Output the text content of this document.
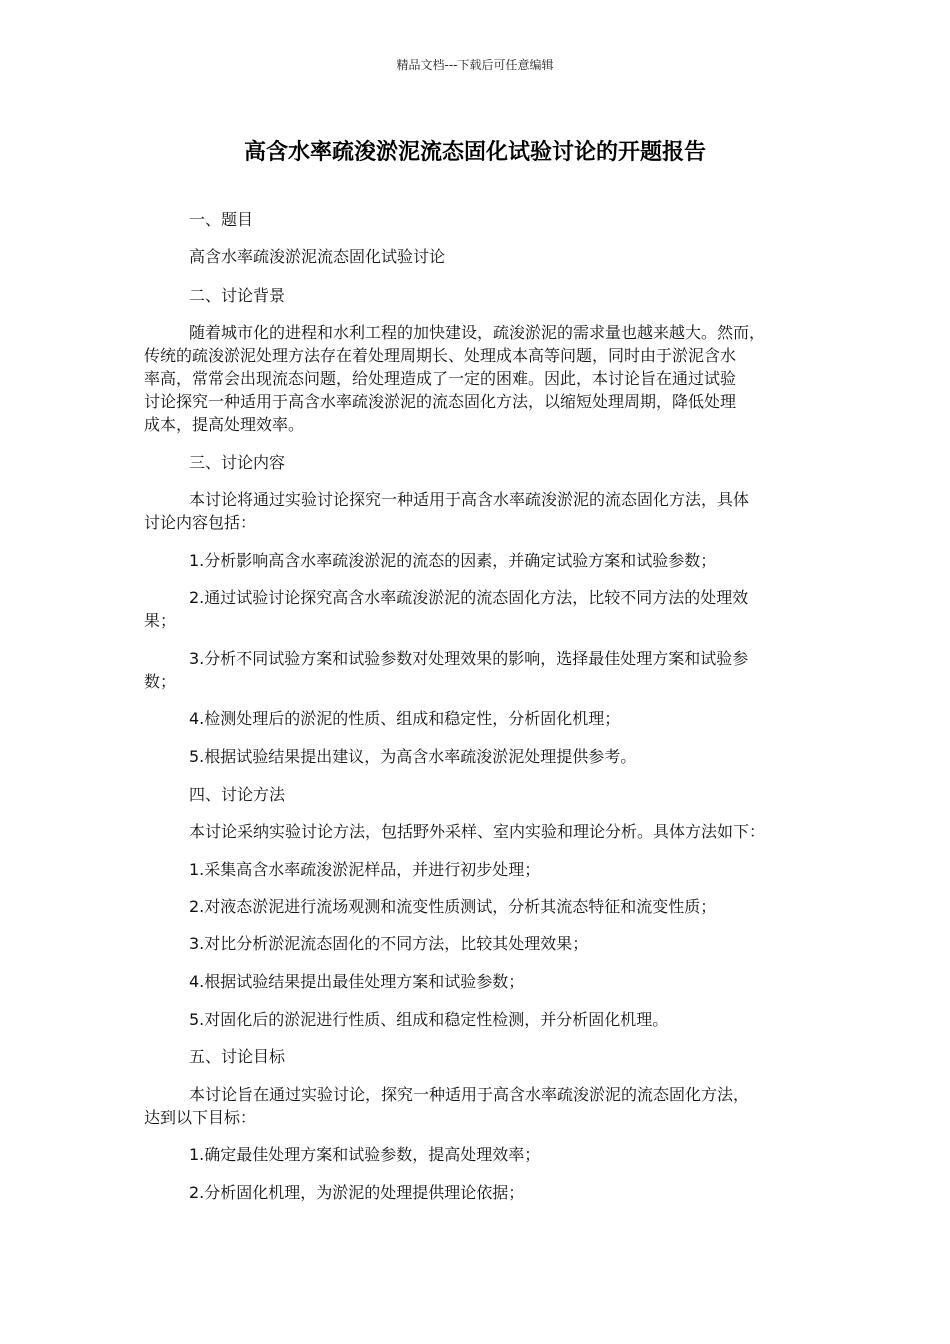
精品文档---下载后可任意编辑
高含水率疏浚淤泥流态固化试验讨论的开题报告
一、题目
高含水率疏浚淤泥流态固化试验讨论
二、讨论背景
随着城市化的进程和水利工程的加快建设，疏浚淤泥的需求量也越来越大。然而，
传统的疏浚淤泥处理方法存在着处理周期长、处理成本高等问题，同时由于淤泥含水
率高，常常会出现流态问题，给处理造成了一定的困难。因此，本讨论旨在通过试验
讨论探究一种适用于高含水率疏浚淤泥的流态固化方法，以缩短处理周期，降低处理
成本，提高处理效率。
三、讨论内容
本讨论将通过实验讨论探究一种适用于高含水率疏浚淤泥的流态固化方法，具体
讨论内容包括：
1.分析影响高含水率疏浚淤泥的流态的因素，并确定试验方案和试验参数；
2.通过试验讨论探究高含水率疏浚淤泥的流态固化方法，比较不同方法的处理效
果；
3.分析不同试验方案和试验参数对处理效果的影响，选择最佳处理方案和试验参
数；
4.检测处理后的淤泥的性质、组成和稳定性，分析固化机理；
5.根据试验结果提出建议，为高含水率疏浚淤泥处理提供参考。
四、讨论方法
本讨论采纳实验讨论方法，包括野外采样、室内实验和理论分析。具体方法如下：
1.采集高含水率疏浚淤泥样品，并进行初步处理；
2.对液态淤泥进行流场观测和流变性质测试，分析其流态特征和流变性质；
3.对比分析淤泥流态固化的不同方法，比较其处理效果；
4.根据试验结果提出最佳处理方案和试验参数；
5.对固化后的淤泥进行性质、组成和稳定性检测，并分析固化机理。
五、讨论目标
本讨论旨在通过实验讨论，探究一种适用于高含水率疏浚淤泥的流态固化方法，
达到以下目标：
1.确定最佳处理方案和试验参数，提高处理效率；
2.分析固化机理，为淤泥的处理提供理论依据；
